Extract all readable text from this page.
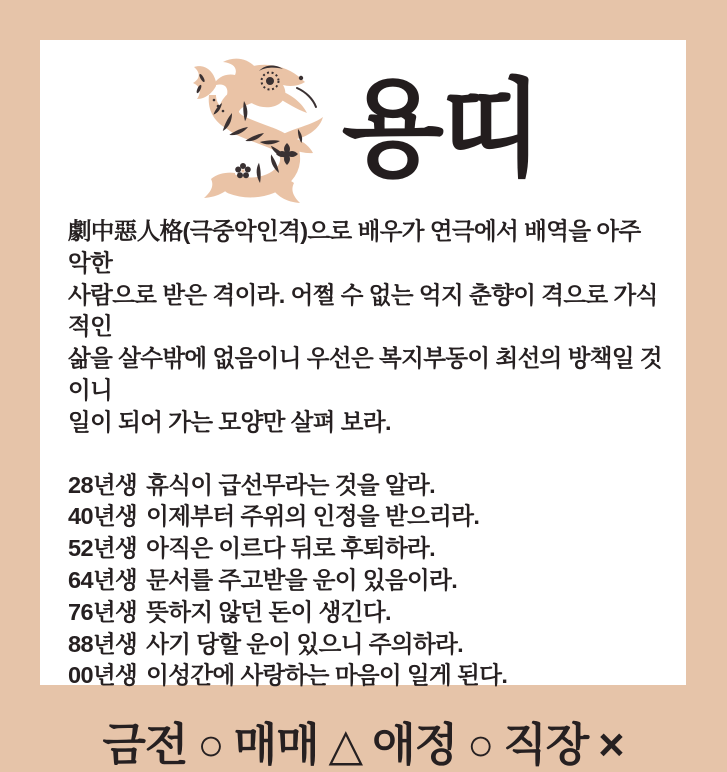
용띠

劇中惡人格(극중악인격)으로 배우가 연극에서 배역을 아주 악한

사람으로 받은 격이라. 어쩔 수 없는 억지 춘향이 격으로 가식적인

삶을 살수밖에 없음이니 우선은 복지부동이 최선의 방책일 것이니

일이 되어 가는 모양만 살펴 보라.

28년생 휴식이 급선무라는 것을 알라.

40년생 이제부터 주위의 인정을 받으리라.

52년생 아직은 이르다 뒤로 후퇴하라.

64년생 문서를 주고받을 운이 있음이라.

76년생 뜻하지 않던 돈이 생긴다.

88년생 사기 당할 운이 있으니 주의하라.

00년생 이성간에 사랑하는 마음이 일게 된다.

금전 ○ 매매 △ 애정 ○ 직장 ×
